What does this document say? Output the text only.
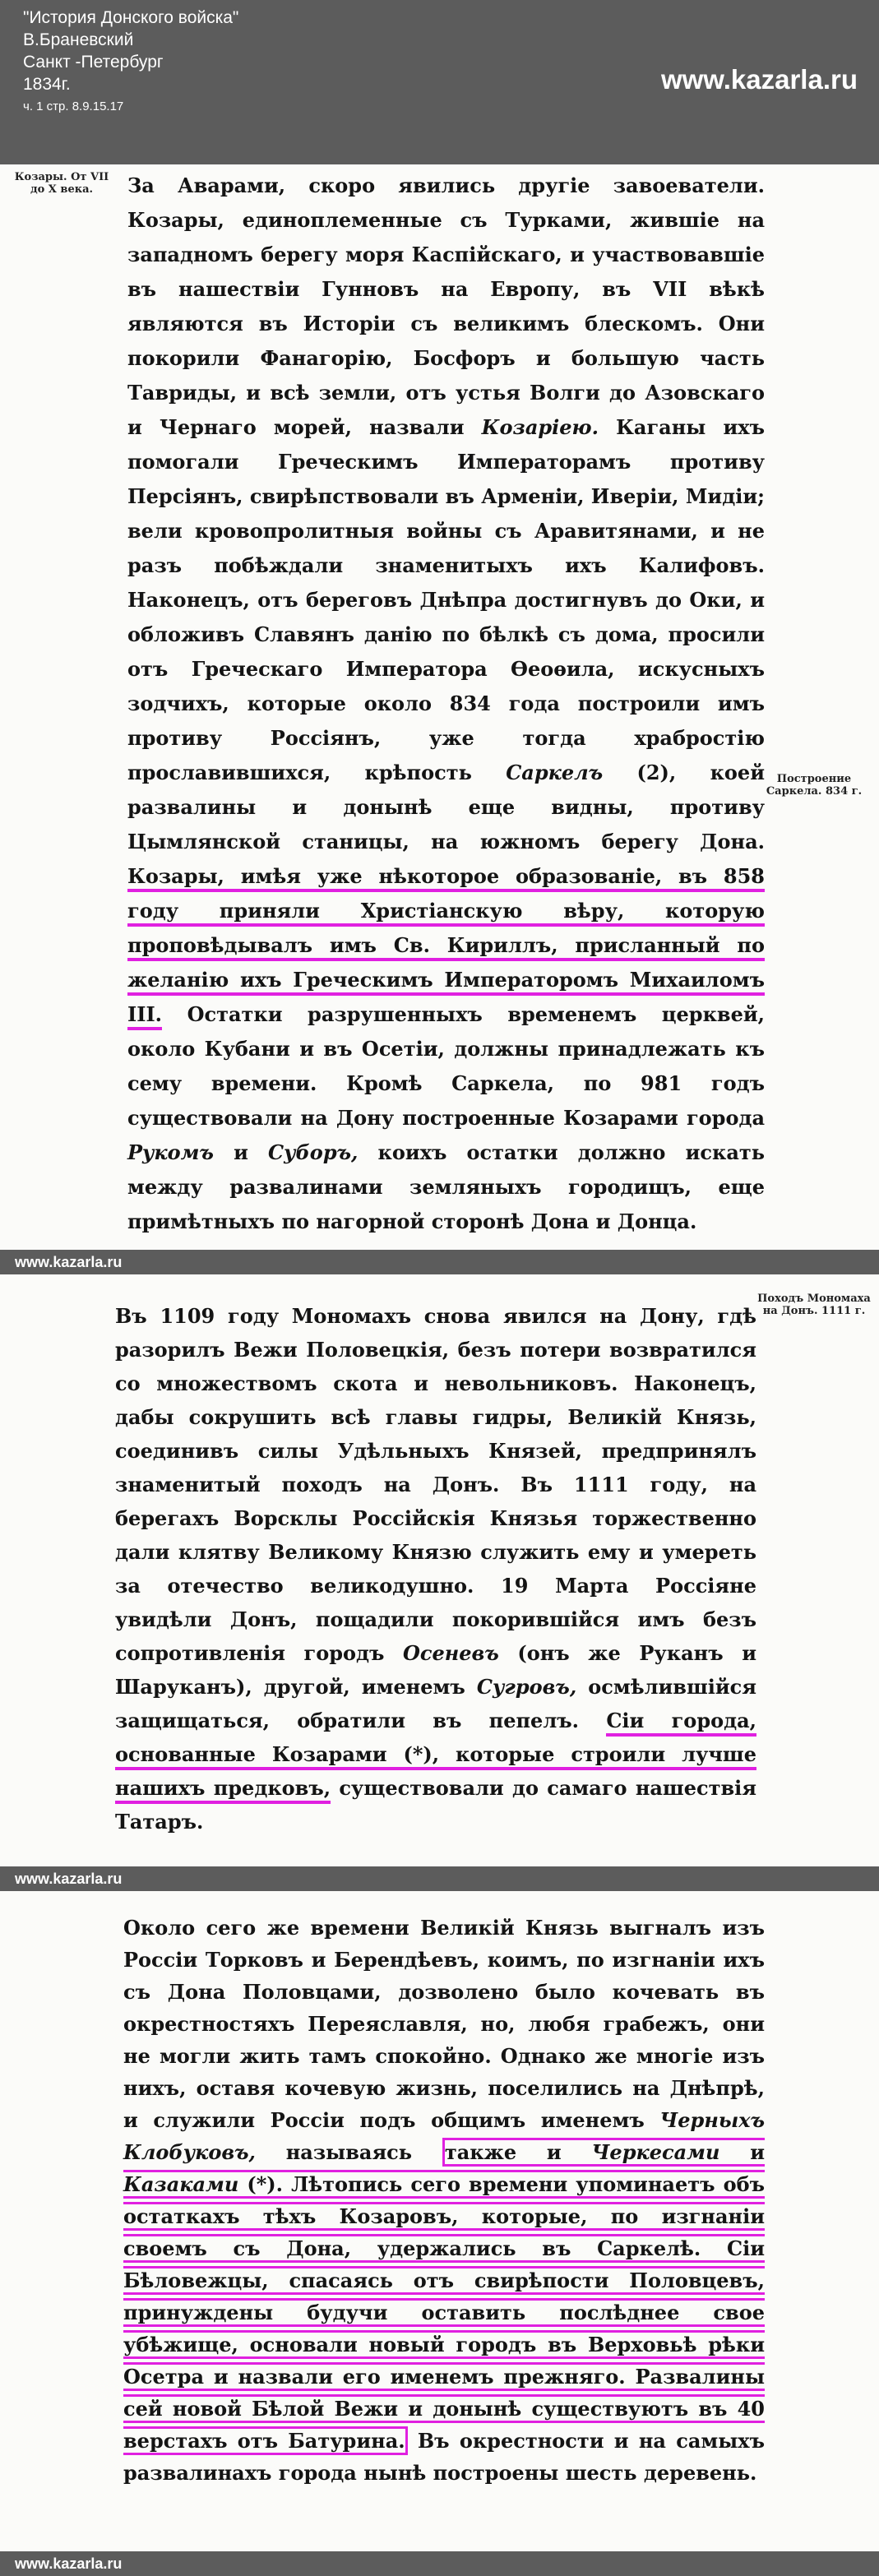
"История Донского войска"
В.Браневский
Санкт -Петербург
1834г.
ч. 1 стр. 8.9.15.17
www.kazarla.ru
Козары. От VII до X века.
Построение Саркела. 834 г.

За Аварами, скоро явились другіе завоеватели. Козары, единоплеменные съ Турками, жившіе на западномъ берегу моря Каспійскаго, и участвовавшіе въ нашествіи Гунновъ на Европу, въ VII вѣкѣ являются въ Исторіи съ великимъ блескомъ. Они покорили Фанагорію, Босфоръ и большую часть Тавриды, и всѣ земли, отъ устья Волги до Азовскаго и Чернаго морей, назвали Козаріею. Каганы ихъ помогали Греческимъ Императорамъ противу Персіянъ, свирѣпствовали въ Арменіи, Иверіи, Мидіи; вели кровопролитныя войны съ Аравитянами, и не разъ побѣждали знаменитыхъ ихъ Калифовъ. Наконецъ, отъ береговъ Днѣпра достигнувъ до Оки, и обложивъ Славянъ данію по бѣлкѣ съ дома, просили отъ Греческаго Императора Өеоѳила, искусныхъ зодчихъ, которые около 834 года построили имъ противу Россіянъ, уже тогда храбростію прославившихся, крѣпость Саркелъ (2), коей развалины и донынѣ еще видны, противу Цымлянской станицы, на южномъ берегу Дона. Козары, имѣя уже нѣкоторое образованіе, въ 858 году приняли Христіанскую вѣру, которую проповѣдывалъ имъ Св. Кириллъ, присланный по желанію ихъ Греческимъ Императоромъ Михаиломъ III. Остатки разрушенныхъ временемъ церквей, около Кубани и въ Осетіи, должны принадлежать къ сему времени. Кромѣ Саркела, по 981 годъ существовали на Дону построенные Козарами города Рукомъ и Суборъ, коихъ остатки должно искать между развалинами земляныхъ городищъ, еще примѣтныхъ по нагорной сторонѣ Дона и Донца.

www.kazarla.ru
Походъ Мономаха на Донъ. 1111 г.

Въ 1109 году Мономахъ снова явился на Дону, гдѣ разорилъ Вежи Половецкія, безъ потери возвратился со множествомъ скота и невольниковъ. Наконецъ, дабы сокрушить всѣ главы гидры, Великій Князь, соединивъ силы Удѣльныхъ Князей, предпринялъ знаменитый походъ на Донъ. Въ 1111 году, на берегахъ Ворсклы Россійскія Князья торжественно дали клятву Великому Князю служить ему и умереть за отечество великодушно. 19 Марта Россіяне увидѣли Донъ, пощадили покорившійся имъ безъ сопротивленія городъ Осеневъ (онъ же Руканъ и Шаруканъ), другой, именемъ Сугровъ, осмѣлившійся защищаться, обратили въ пепелъ. Сіи города, основанные Козарами (*), которые строили лучше нашихъ предковъ, существовали до самаго нашествія Татаръ.

www.kazarla.ru

Около сего же времени Великій Князь выгналъ изъ Россіи Торковъ и Берендѣевъ, коимъ, по изгнаніи ихъ съ Дона Половцами, дозволено было кочевать въ окрестностяхъ Переяславля, но, любя грабежъ, они не могли жить тамъ спокойно. Однако же многіе изъ нихъ, оставя кочевую жизнь, поселились на Днѣпрѣ, и служили Россіи подъ общимъ именемъ Черныхъ Клобуковъ, называясь также и Черкесами и Казаками (*). Лѣтопись сего времени упоминаетъ объ остаткахъ тѣхъ Козаровъ, которые, по изгнаніи своемъ съ Дона, удержались въ Саркелѣ. Сіи Бѣловежцы, спасаясь отъ свирѣпости Половцевъ, принуждены будучи оставить послѣднее свое убѣжище, основали новый городъ въ Верховьѣ рѣки Осетра и назвали его именемъ прежняго. Развалины сей новой Бѣлой Вежи и донынѣ существуютъ въ 40 верстахъ отъ Батурина. Въ окрестности и на самыхъ развалинахъ города нынѣ построены шесть деревень.

www.kazarla.ru
